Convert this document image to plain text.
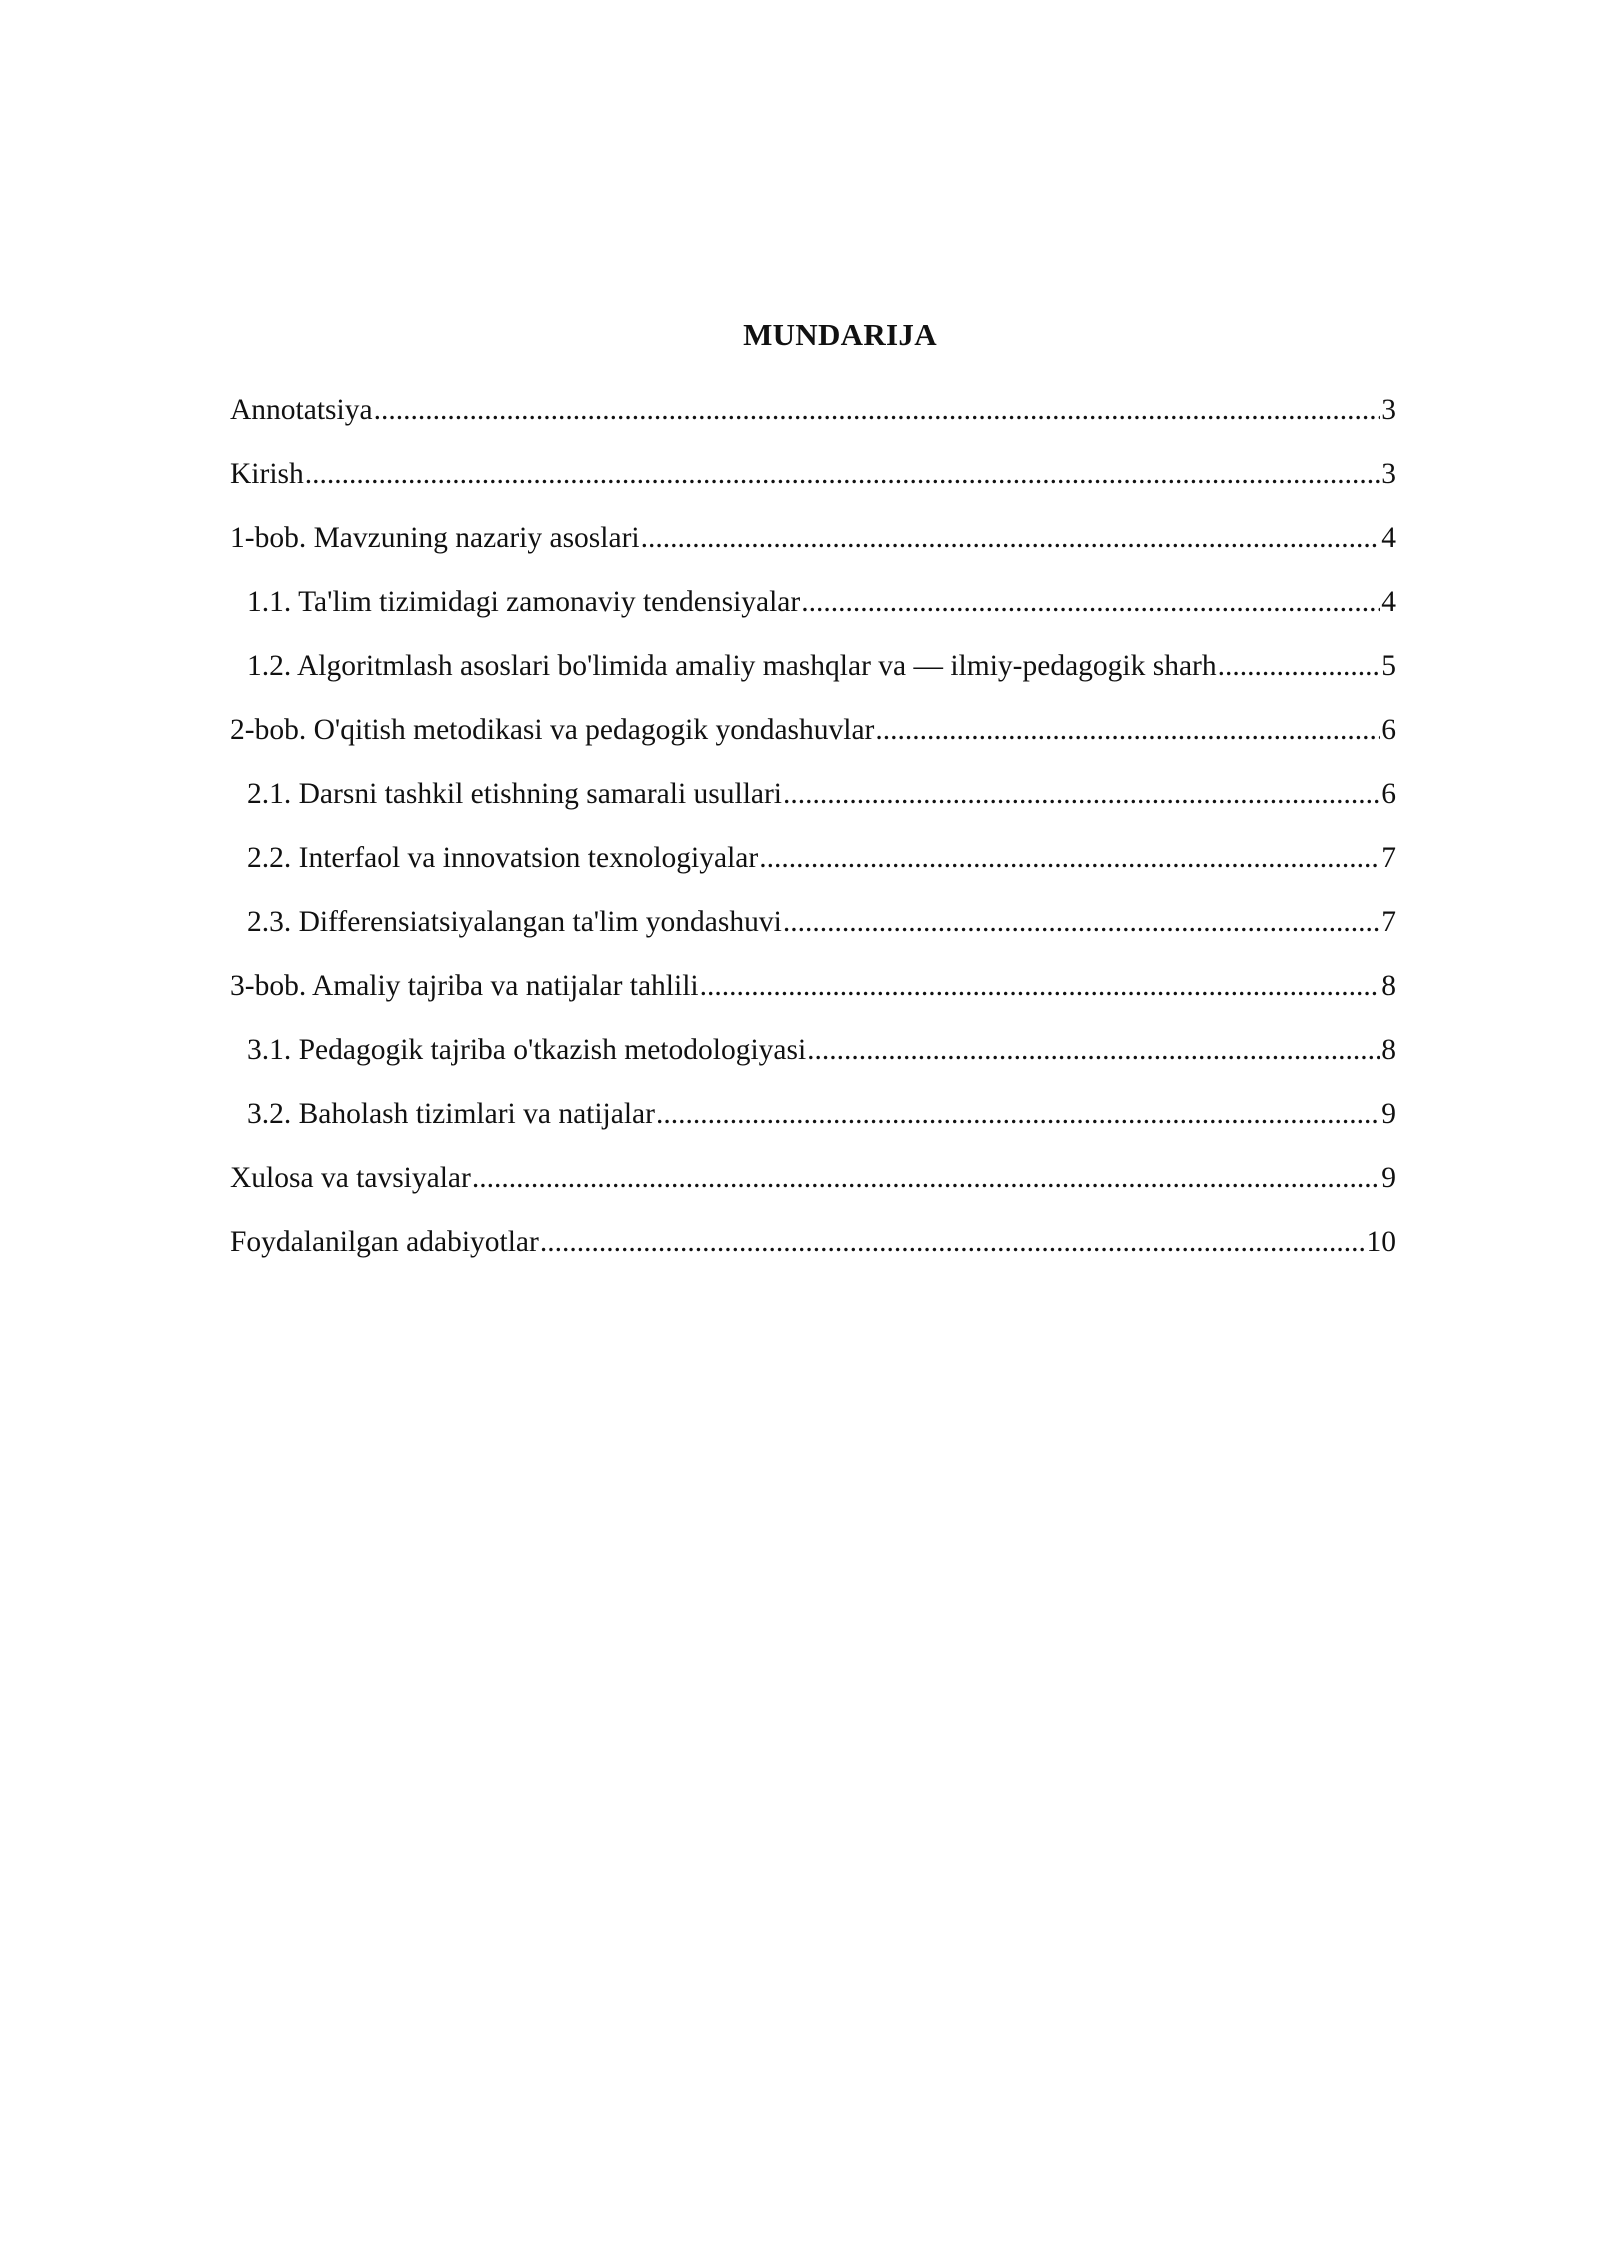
MUNDARIJA
Annotatsiya .....	3
Kirish .....	3
1-bob. Mavzuning nazariy asoslari .....	4
1.1. Ta'lim tizimidagi zamonaviy tendensiyalar .....	4
1.2. Algoritmlash asoslari bo'limida amaliy mashqlar va — ilmiy-pedagogik sharh .....	5
2-bob. O'qitish metodikasi va pedagogik yondashuvlar .....	6
2.1. Darsni tashkil etishning samarali usullari .....	6
2.2. Interfaol va innovatsion texnologiyalar .....	7
2.3. Differensiatsiyalangan ta'lim yondashuvi .....	7
3-bob. Amaliy tajriba va natijalar tahlili .....	8
3.1. Pedagogik tajriba o'tkazish metodologiyasi .....	8
3.2. Baholash tizimlari va natijalar .....	9
Xulosa va tavsiyalar .....	9
Foydalanilgan adabiyotlar .....	10
